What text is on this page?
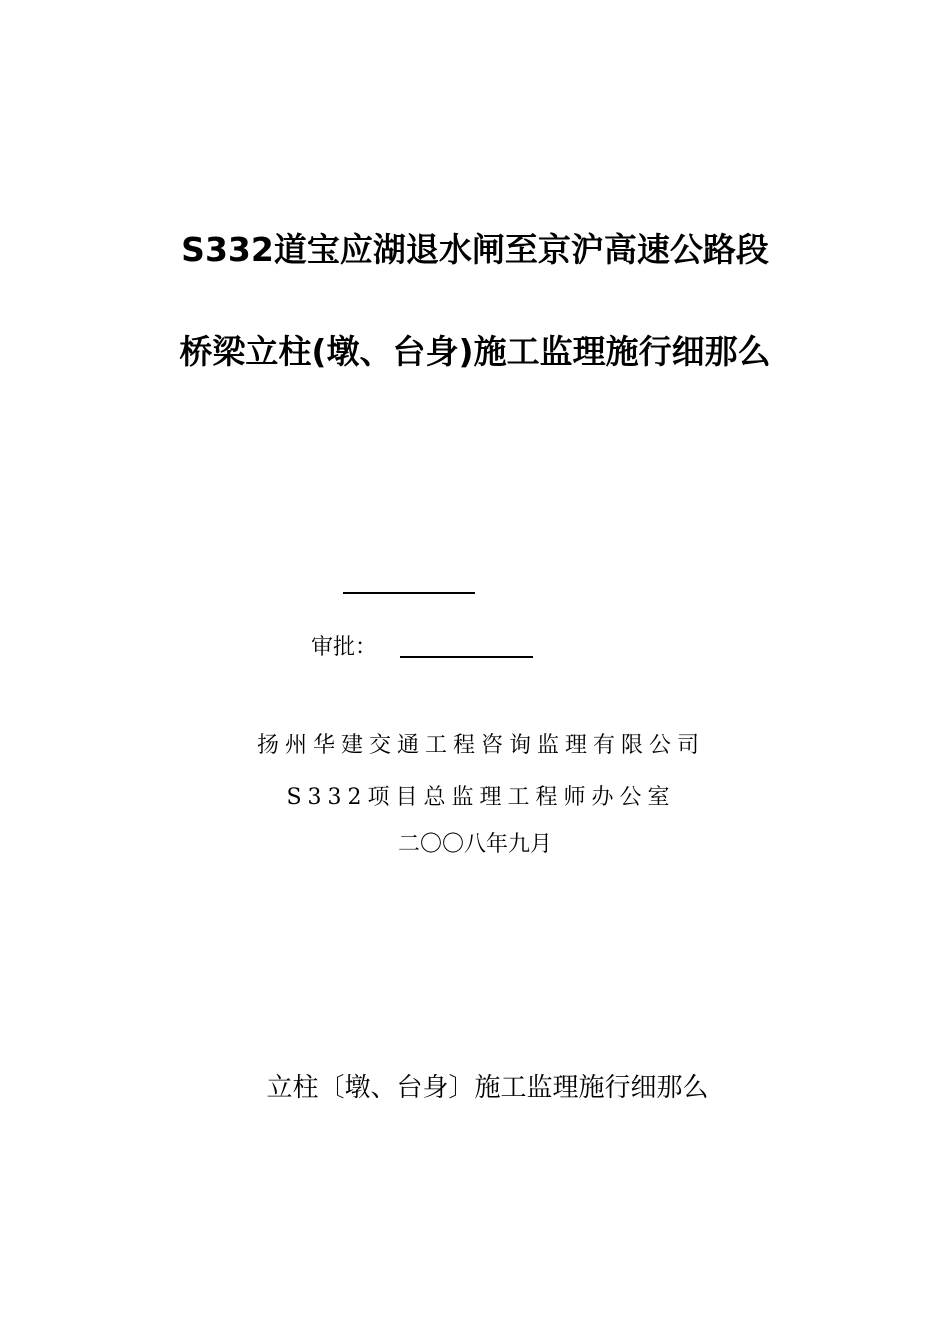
S332道宝应湖退水闸至京沪高速公路段
桥梁立柱(墩、台身)施工监理施行细那么
审批：
扬州华建交通工程咨询监理有限公司
S332项目总监理工程师办公室
二〇〇八年九月
立柱〔墩、台身〕施工监理施行细那么
